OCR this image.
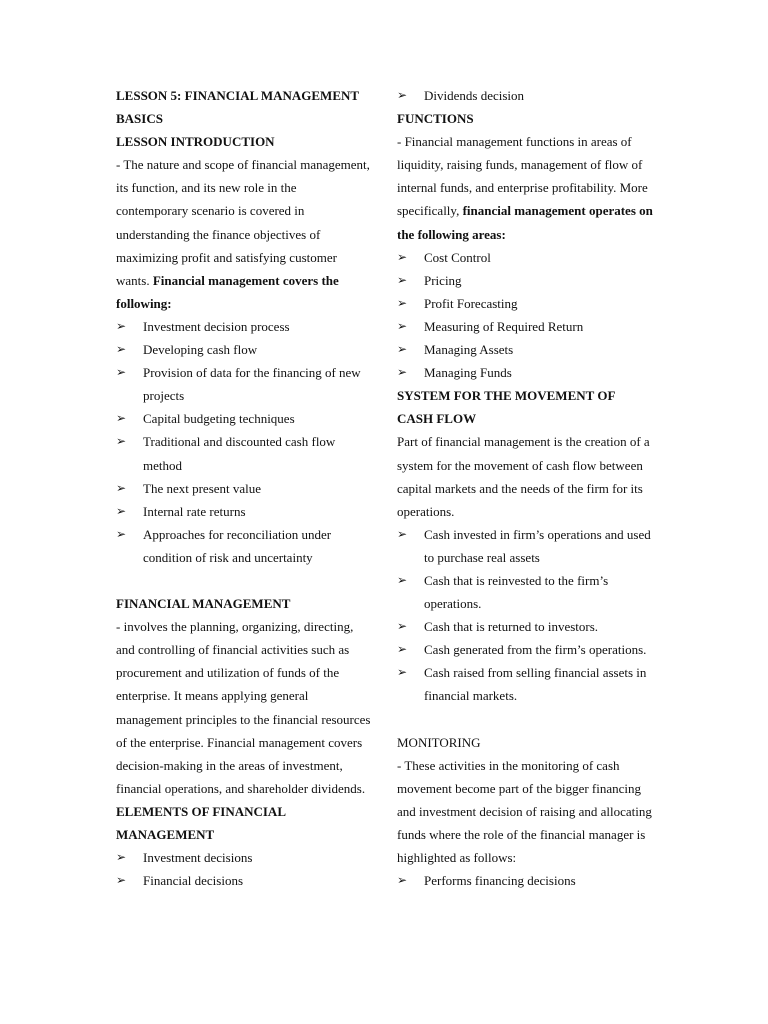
LESSON 5: FINANCIAL MANAGEMENT BASICS

LESSON INTRODUCTION

- The nature and scope of financial management, its function, and its new role in the contemporary scenario is covered in understanding the finance objectives of maximizing profit and satisfying customer wants. Financial management covers the following:

➢ Investment decision process
➢ Developing cash flow
➢ Provision of data for the financing of new projects
➢ Capital budgeting techniques
➢ Traditional and discounted cash flow method
➢ The next present value
➢ Internal rate returns
➢ Approaches for reconciliation under condition of risk and uncertainty

FINANCIAL MANAGEMENT

- involves the planning, organizing, directing, and controlling of financial activities such as procurement and utilization of funds of the enterprise. It means applying general management principles to the financial resources of the enterprise. Financial management covers decision-making in the areas of investment, financial operations, and shareholder dividends.

ELEMENTS OF FINANCIAL MANAGEMENT

➢ Investment decisions
➢ Financial decisions
➢ Dividends decision

FUNCTIONS

- Financial management functions in areas of liquidity, raising funds, management of flow of internal funds, and enterprise profitability. More specifically, financial management operates on the following areas:

➢ Cost Control
➢ Pricing
➢ Profit Forecasting
➢ Measuring of Required Return
➢ Managing Assets
➢ Managing Funds

SYSTEM FOR THE MOVEMENT OF CASH FLOW

Part of financial management is the creation of a system for the movement of cash flow between capital markets and the needs of the firm for its operations.

➢ Cash invested in firm’s operations and used to purchase real assets
➢ Cash that is reinvested to the firm’s operations.
➢ Cash that is returned to investors.
➢ Cash generated from the firm’s operations.
➢ Cash raised from selling financial assets in financial markets.

MONITORING

- These activities in the monitoring of cash movement become part of the bigger financing and investment decision of raising and allocating funds where the role of the financial manager is highlighted as follows:

➢ Performs financing decisions
